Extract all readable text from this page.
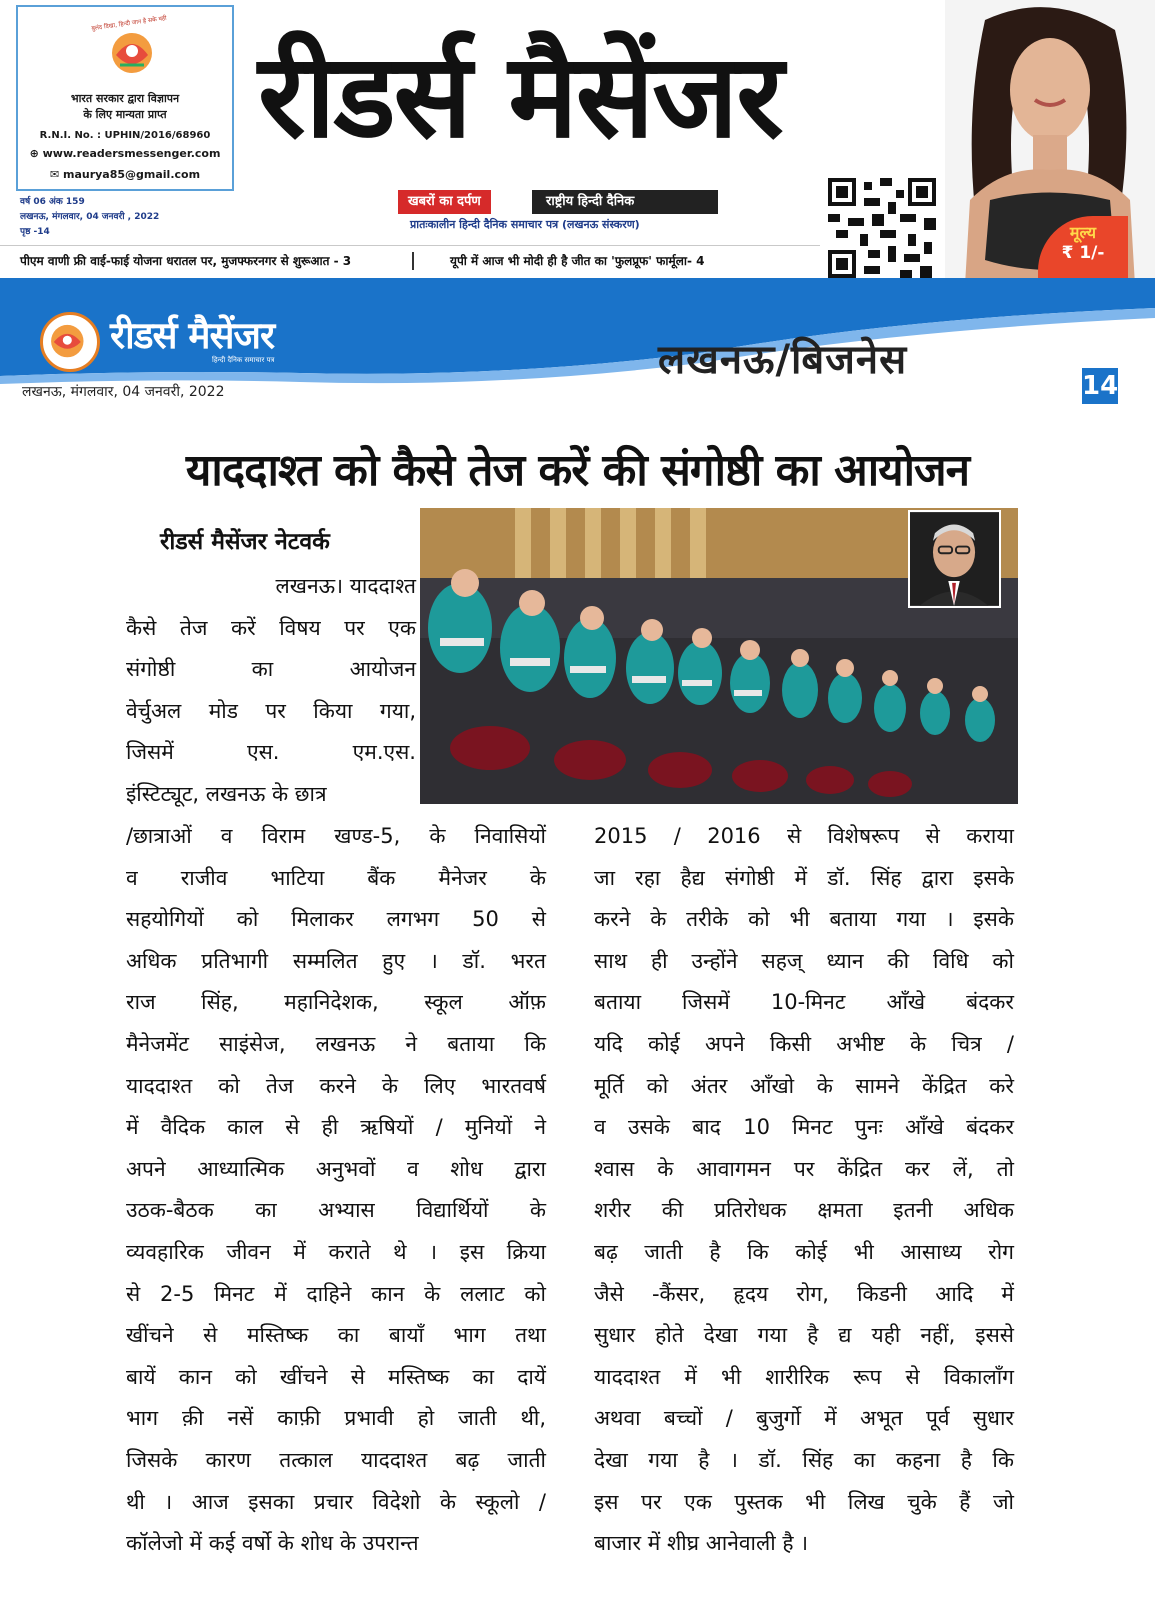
बुलंद दिखा, हिन्दी जान है सके वही
भारत सरकार द्वारा विज्ञापन
के लिए मान्यता प्राप्त
R.N.I. No. : UPHIN/2016/68960
⊕ www.readersmessenger.com
✉ maurya85@gmail.com
वर्ष 06 अंक 159
लखनऊ, मंगलवार, 04 जनवरी , 2022
पृष्ठ -14
रीडर्स मैसेंजर
खबरों का दर्पण	राष्ट्रीय हिन्दी दैनिक
प्रातःकालीन हिन्दी दैनिक समाचार पत्र (लखनऊ संस्करण)	मूल्य
₹ 1/-
पीएम वाणी फ्री वाई-फाई योजना धरातल पर, मुजफ्फरनगर से शुरूआत - 3	यूपी में आज भी मोदी ही है जीत का 'फुलप्रूफ' फार्मूला- 4
रीडर्स मैसेंजर
हिन्दी दैनिक समाचार पत्र	लखनऊ/बिजनेस
लखनऊ, मंगलवार, 04 जनवरी, 2022	14
याददाश्त को कैसे तेज करें की संगोष्ठी का आयोजन
रीडर्स मैसेंजर नेटवर्क
लखनऊ। याददाश्त
कैसे तेज करें विषय पर एक
संगोष्ठी का आयोजन
वेर्चुअल मोड पर किया गया,
जिसमें एस. एम.एस.
इंस्टिट्यूट, लखनऊ के छात्र
/छात्राओं व विराम खण्ड-5, के निवासियों
व राजीव भाटिया बैंक मैनेजर के
सहयोगियों को मिलाकर लगभग 50 से
अधिक प्रतिभागी सम्मलित हुए । डॉ. भरत
राज सिंह, महानिदेशक, स्कूल ऑफ़
मैनेजमेंट साइंसेज, लखनऊ ने बताया कि
याददाश्त को तेज करने के लिए भारतवर्ष
में वैदिक काल से ही ऋषियों / मुनियों ने
अपने आध्यात्मिक अनुभवों व शोध द्वारा
उठक-बैठक का अभ्यास विद्यार्थियों के
व्यवहारिक जीवन में कराते थे । इस क्रिया
से 2-5 मिनट में दाहिने कान के ललाट को
खींचने से मस्तिष्क का बायाँ भाग तथा
बायें कान को खींचने से मस्तिष्क का दायें
भाग क़ी नसें काफ़ी प्रभावी हो जाती थी,
जिसके कारण तत्काल याददाश्त बढ़ जाती
थी । आज इसका प्रचार विदेशो के स्कूलो /
कॉलेजो में कई वर्षो के शोध के उपरान्त
2015 / 2016 से विशेषरूप से कराया
जा रहा हैद्य संगोष्ठी में डॉ. सिंह द्वारा इसके
करने के तरीके को भी बताया गया । इसके
साथ ही उन्होंने सहज् ध्यान की विधि को
बताया जिसमें 10-मिनट आँखे बंदकर
यदि कोई अपने किसी अभीष्ट के चित्र /
मूर्ति को अंतर आँखो के सामने केंद्रित करे
व उसके बाद 10 मिनट पुनः आँखे बंदकर
श्वास के आवागमन पर केंद्रित कर लें, तो
शरीर की प्रतिरोधक क्षमता इतनी अधिक
बढ़ जाती है कि कोई भी आसाध्य रोग
जैसे -कैंसर, हृदय रोग, किडनी आदि में
सुधार होते देखा गया है द्य यही नहीं, इससे
याददाश्त में भी शारीरिक रूप से विकालाँग
अथवा बच्चों / बुजुर्गो में अभूत पूर्व सुधार
देखा गया है । डॉ. सिंह का कहना है कि
इस पर एक पुस्तक भी लिख चुके हैं जो
बाजार में शीघ्र आनेवाली है ।
